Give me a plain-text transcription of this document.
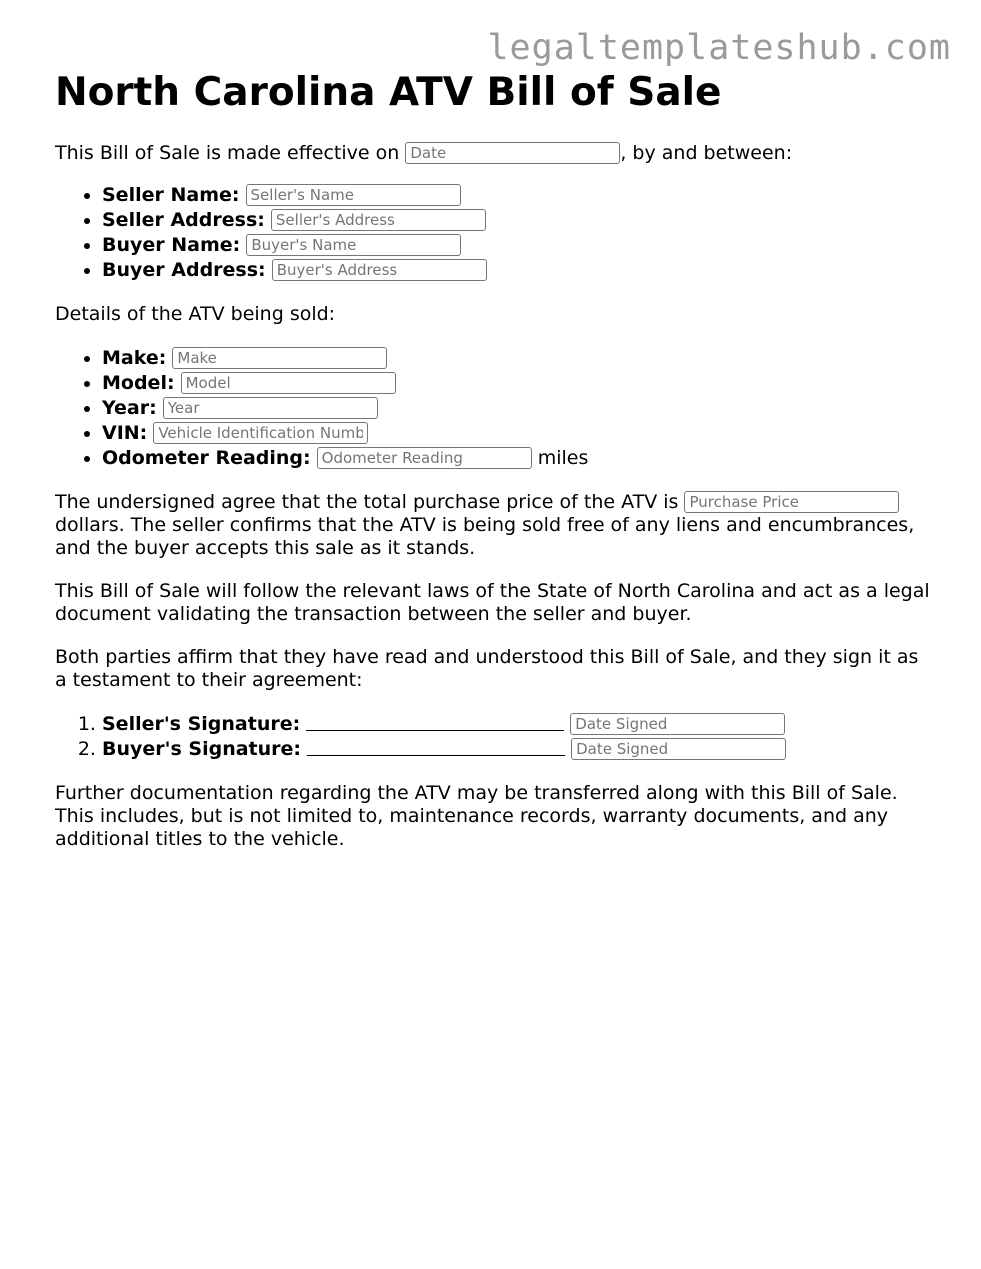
legaltemplateshub.com
North Carolina ATV Bill of Sale

This Bill of Sale is made effective on Date	, by and between:

• Seller Name: Seller's Name
• Seller Address: Seller's Address
• Buyer Name: Buyer's Name
• Buyer Address: Buyer's Address

Details of the ATV being sold:

• Make: Make
• Model: Model
• Year: Year
• VIN: Vehicle Identification Number
• Odometer Reading: Odometer Reading	miles

The undersigned agree that the total purchase price of the ATV is Purchase Price dollars. The seller confirms that the ATV is being sold free of any liens and encumbrances, and the buyer accepts this sale as it stands.

This Bill of Sale will follow the relevant laws of the State of North Carolina and act as a legal document validating the transaction between the seller and buyer.

Both parties affirm that they have read and understood this Bill of Sale, and they sign it as a testament to their agreement:

1. Seller's Signature:  Date Signed
2. Buyer's Signature:  Date Signed

Further documentation regarding the ATV may be transferred along with this Bill of Sale. This includes, but is not limited to, maintenance records, warranty documents, and any additional titles to the vehicle.
